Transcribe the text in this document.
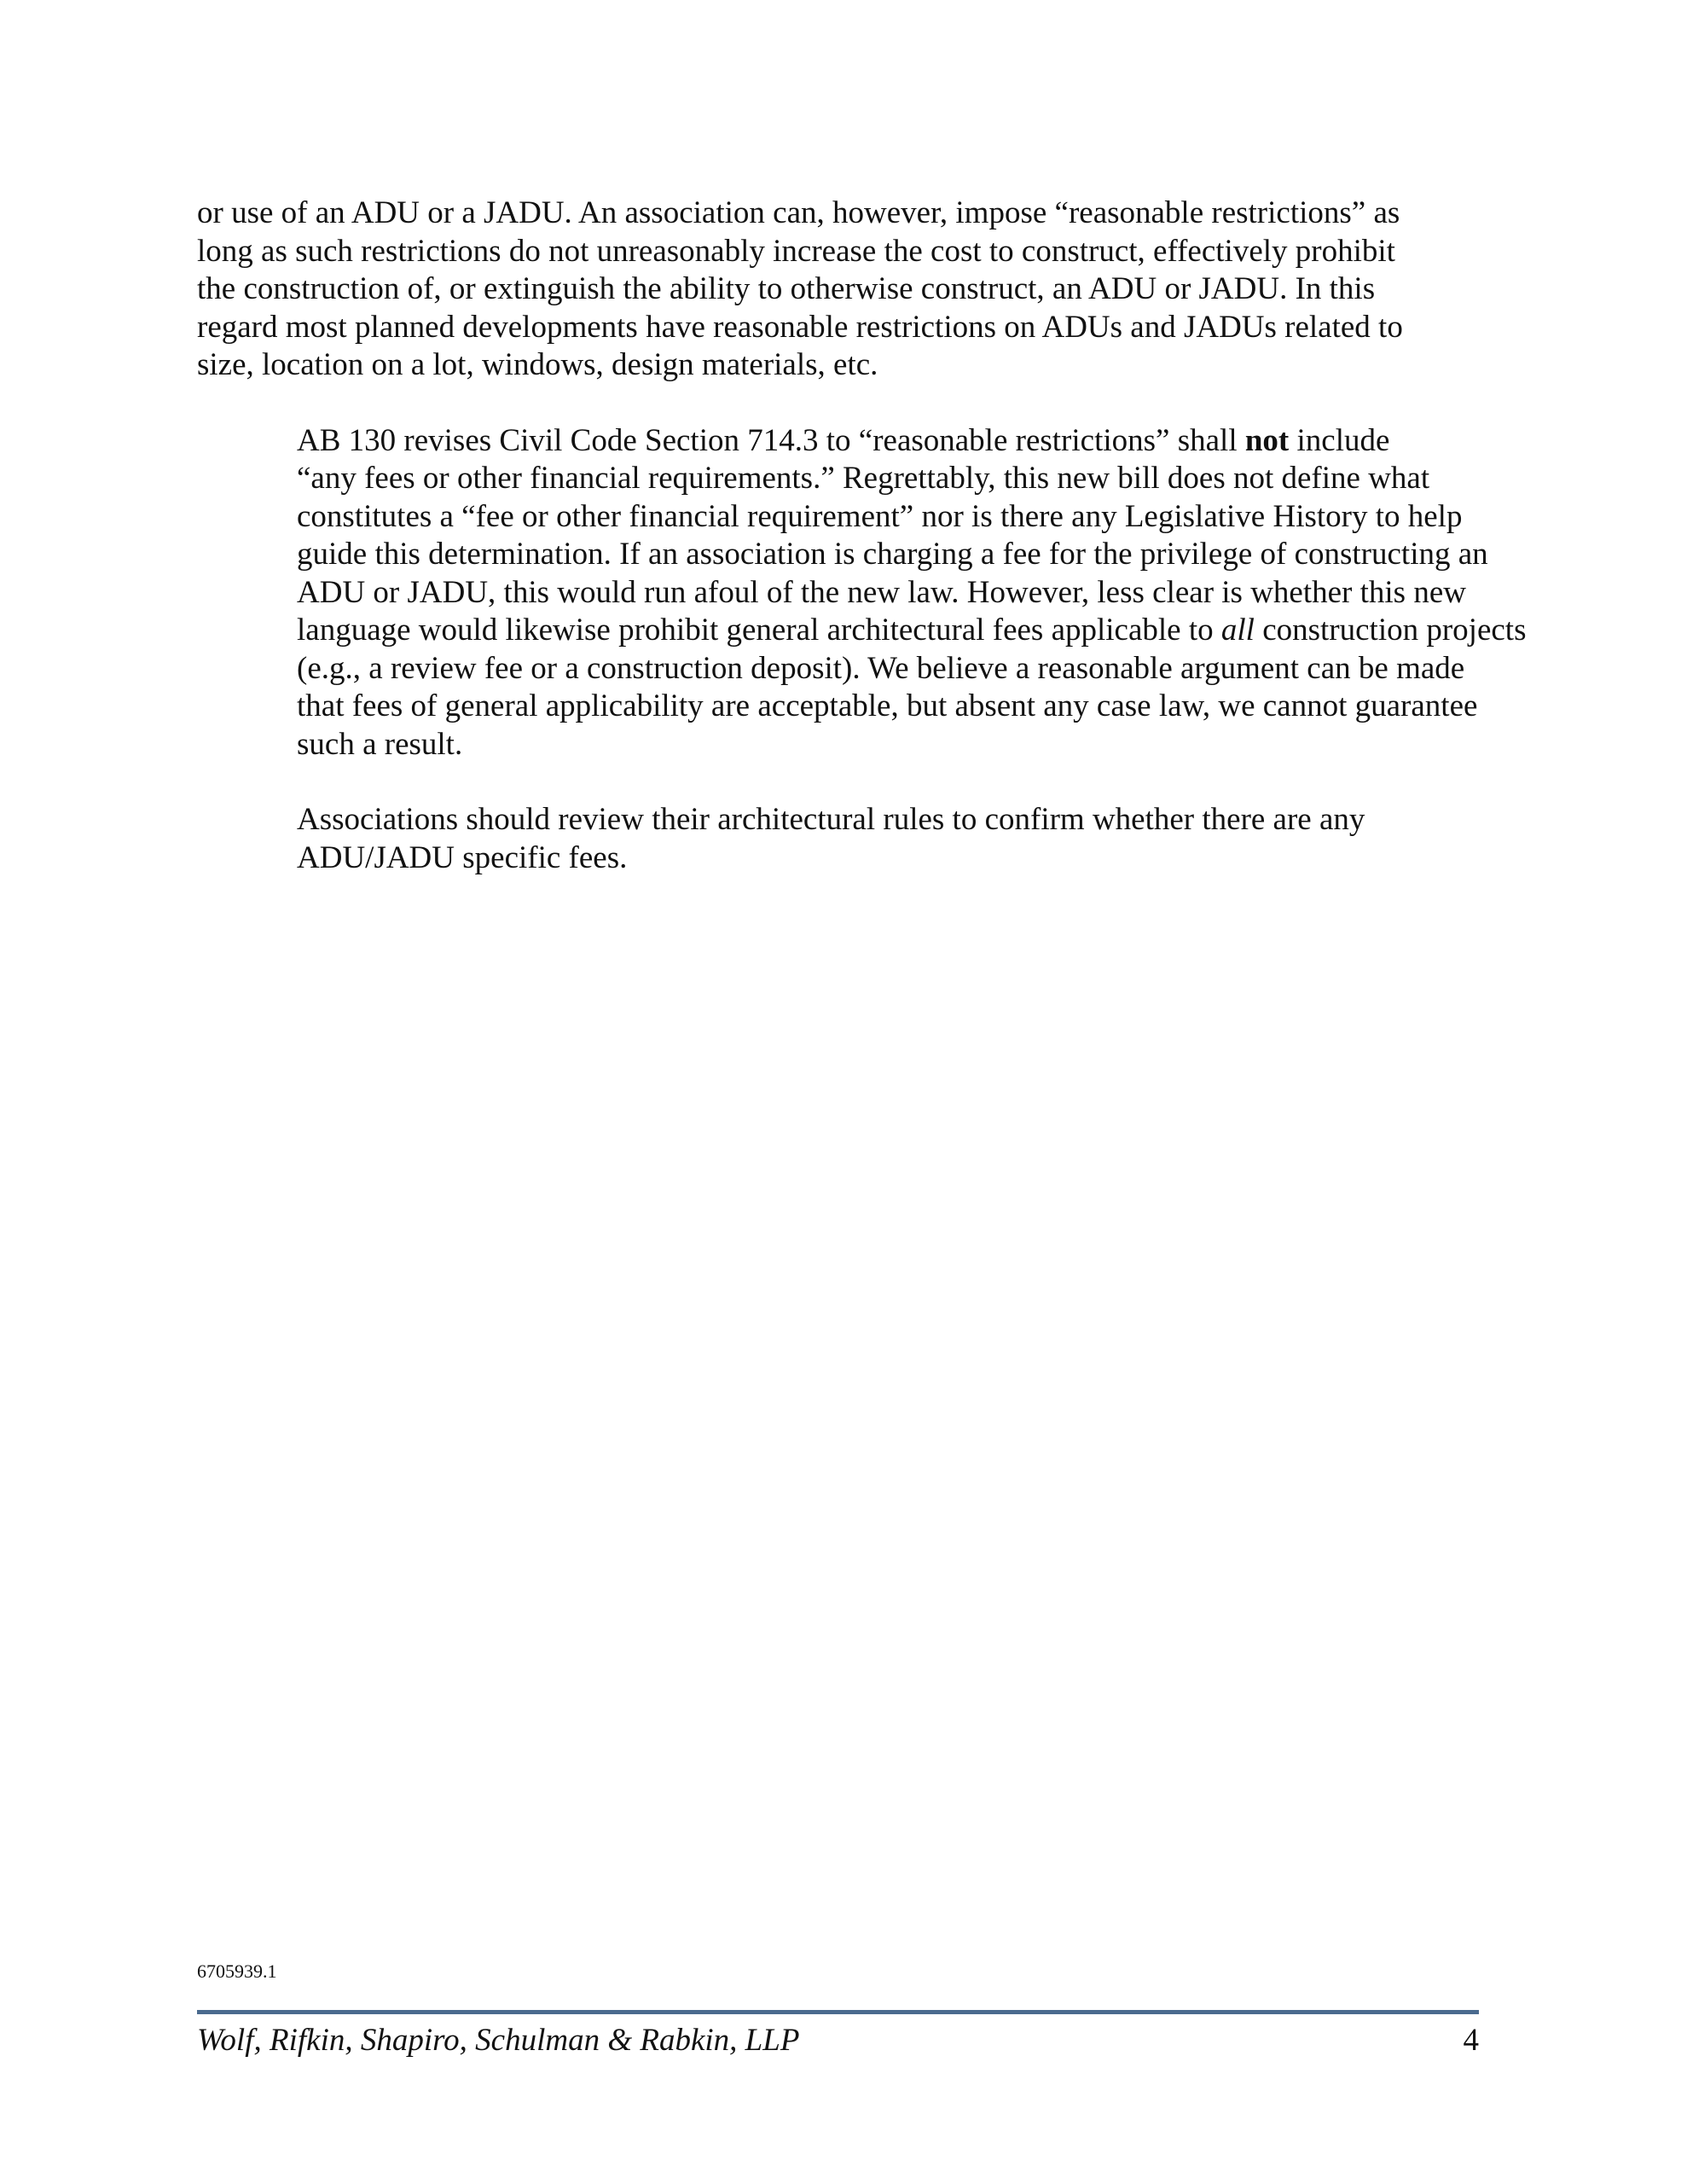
or use of an ADU or a JADU. An association can, however, impose “reasonable restrictions” as
long as such restrictions do not unreasonably increase the cost to construct, effectively prohibit
the construction of, or extinguish the ability to otherwise construct, an ADU or JADU. In this
regard most planned developments have reasonable restrictions on ADUs and JADUs related to
size, location on a lot, windows, design materials, etc.

AB 130 revises Civil Code Section 714.3 to “reasonable restrictions” shall not include
“any fees or other financial requirements.” Regrettably, this new bill does not define what
constitutes a “fee or other financial requirement” nor is there any Legislative History to help
guide this determination. If an association is charging a fee for the privilege of constructing an
ADU or JADU, this would run afoul of the new law. However, less clear is whether this new
language would likewise prohibit general architectural fees applicable to all construction projects
(e.g., a review fee or a construction deposit). We believe a reasonable argument can be made
that fees of general applicability are acceptable, but absent any case law, we cannot guarantee
such a result.

Associations should review their architectural rules to confirm whether there are any
ADU/JADU specific fees.

6705939.1
Wolf, Rifkin, Shapiro, Schulman & Rabkin, LLP	4
